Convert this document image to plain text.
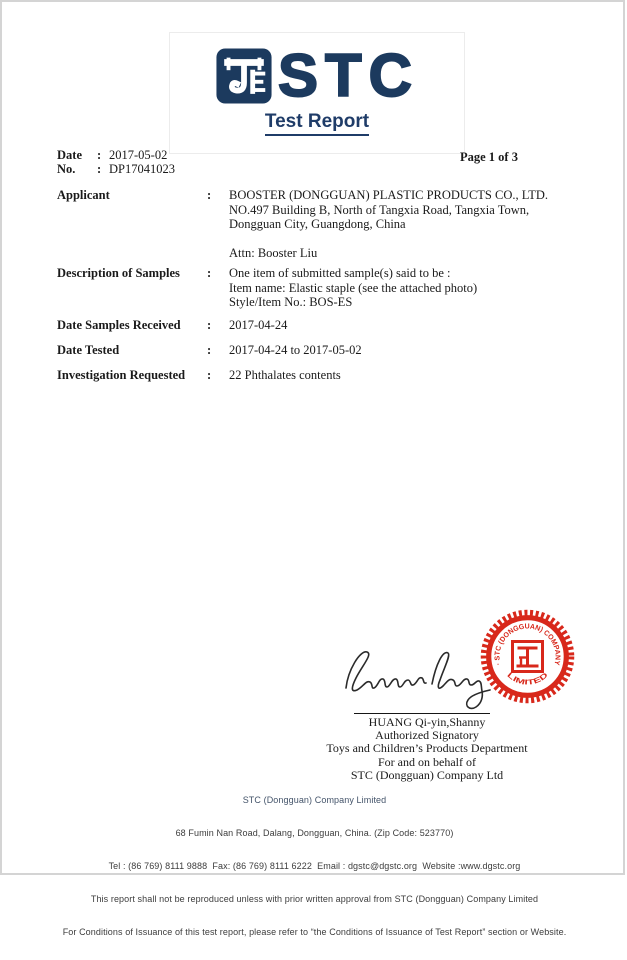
STC
Test Report
Date	: 2017-05-02
No.	: DP17041023
Page 1 of 3
Applicant	:	BOOSTER (DONGGUAN) PLASTIC PRODUCTS CO., LTD.
NO.497 Building B, North of Tangxia Road, Tangxia Town,
Dongguan City, Guangdong, China
Attn: Booster Liu
Description of Samples	:	One item of submitted sample(s) said to be :
Item name: Elastic staple (see the attached photo)
Style/Item No.: BOS-ES
Date Samples Received	:	2017-04-24
Date Tested	:	2017-04-24 to 2017-05-02
Investigation Requested	:	22 Phthalates contents
· STC (DONGGUAN) COMPANY
LIMITED
HUANG Qi-yin,Shanny
Authorized Signatory
Toys and Children’s Products Department
For and on behalf of
STC (Dongguan) Company Ltd

STC (Dongguan) Company Limited

68 Fumin Nan Road, Dalang, Dongguan, China. (Zip Code: 523770)

Tel : (86 769) 8111 9888  Fax: (86 769) 8111 6222  Email : dgstc@dgstc.org  Website :www.dgstc.org

This report shall not be reproduced unless with prior written approval from STC (Dongguan) Company Limited

For Conditions of Issuance of this test report, please refer to “the Conditions of Issuance of Test Report” section or Website.
